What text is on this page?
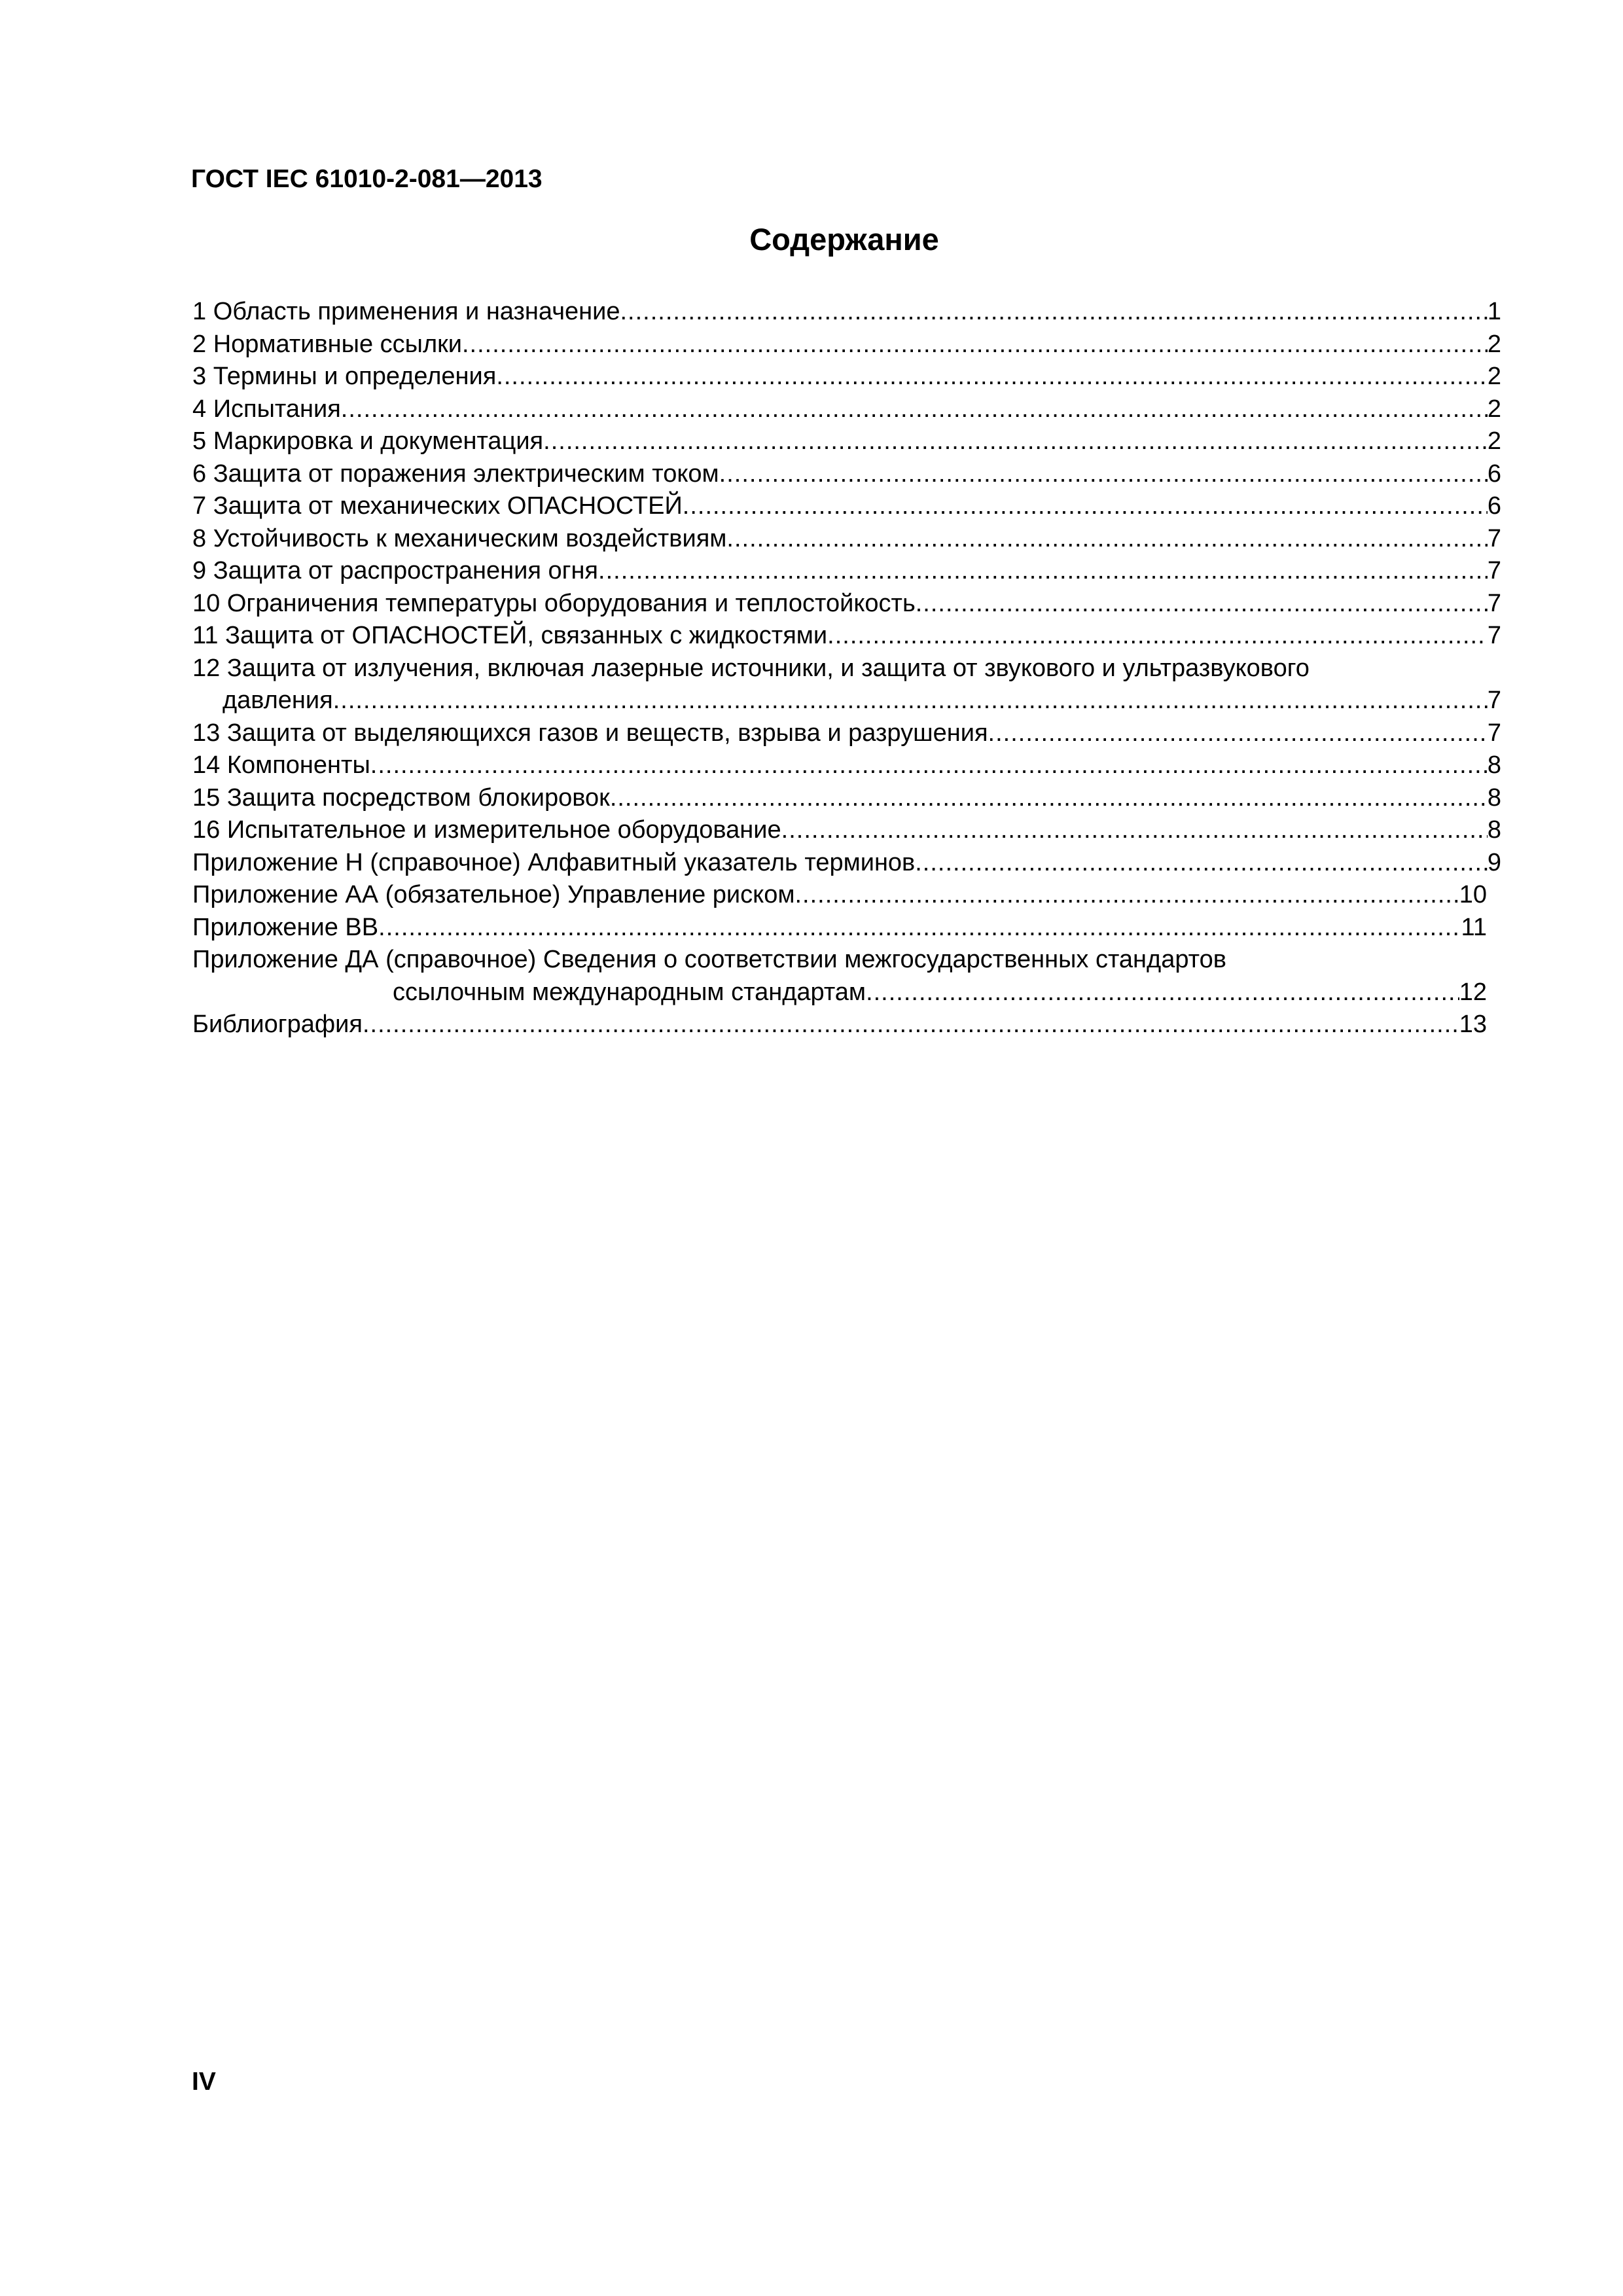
ГОСТ IEC 61010-2-081—2013
Содержание
1 Область применения и назначение .....	1
2 Нормативные ссылки .....	2
3 Термины и определения .....	2
4 Испытания .....	2
5 Маркировка и документация .....	2
6 Защита от поражения электрическим током .....	6
7 Защита от механических ОПАСНОСТЕЙ .....	6
8 Устойчивость к механическим воздействиям .....	7
9 Защита от распространения огня .....	7
10 Ограничения температуры оборудования и теплостойкость .....	7
11 Защита от ОПАСНОСТЕЙ, связанных с жидкостями .....	7
12 Защита от излучения, включая лазерные источники, и защита от звукового и ультразвукового
давления .....	7
13 Защита от выделяющихся газов и веществ, взрыва и разрушения .....	7
14 Компоненты .....	8
15 Защита посредством блокировок .....	8
16 Испытательное и измерительное оборудование .....	8
Приложение Н (справочное) Алфавитный указатель терминов .....	9
Приложение АА (обязательное) Управление риском .....	10
Приложение ВВ .....	11
Приложение ДА (справочное) Сведения о соответствии межгосударственных стандартов
ссылочным международным стандартам .....	12
Библиография .....	13
IV
